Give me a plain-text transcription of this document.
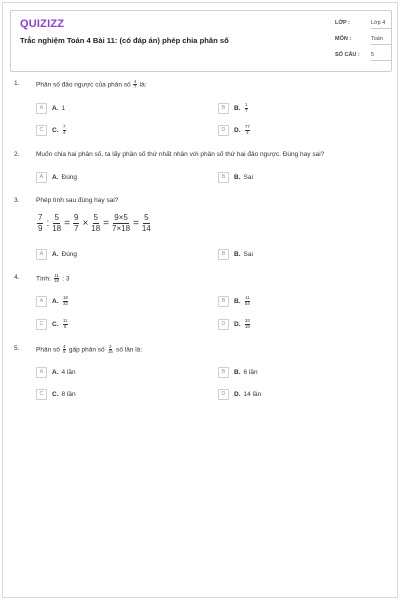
QUIZIZZ
Trắc nghiệm Toán 4 Bài 11: (có đáp án) phép chia phân số
LỚP :	Lớp 4
MÔN :	Toán
SỐ CÂU : 5
1.	Phân số đảo ngược của phân số $\frac{4}{7}$ là:
A	A. 1	B	B. $\frac{1}{7}$
C	C. $\frac{7}{4}$	D	D. $\frac{77}{4}$
2.	Muốn chia hai phân số, ta lấy phân số thứ nhất nhân với phân số thứ hai đảo ngược. Đúng hay sai?
A	A. Đúng	B	B. Sai
3.	Phép tính sau đúng hay sai?
7
9 : $\frac{5}{18} = \frac{9}{7} \times \frac{5}{18} = \frac{9\times 5}{7\times 18} = \frac{5}{14}$
A	A. Đúng	B	B. Sai
4.	Tính: $\frac{11}{18}$ : 3
A	A. $\frac{18}{33}$	B	B. $\frac{11}{54}$
C	C. $\frac{11}{6}$	D	D. $\frac{33}{18}$
5.	Phân số $\frac{4}{5}$ gấp phân số $\frac{2}{15}$ số lần là:
A	A. 4 lần	B	B. 6 lần
C	C. 8 lần	D	D. 14 lần
